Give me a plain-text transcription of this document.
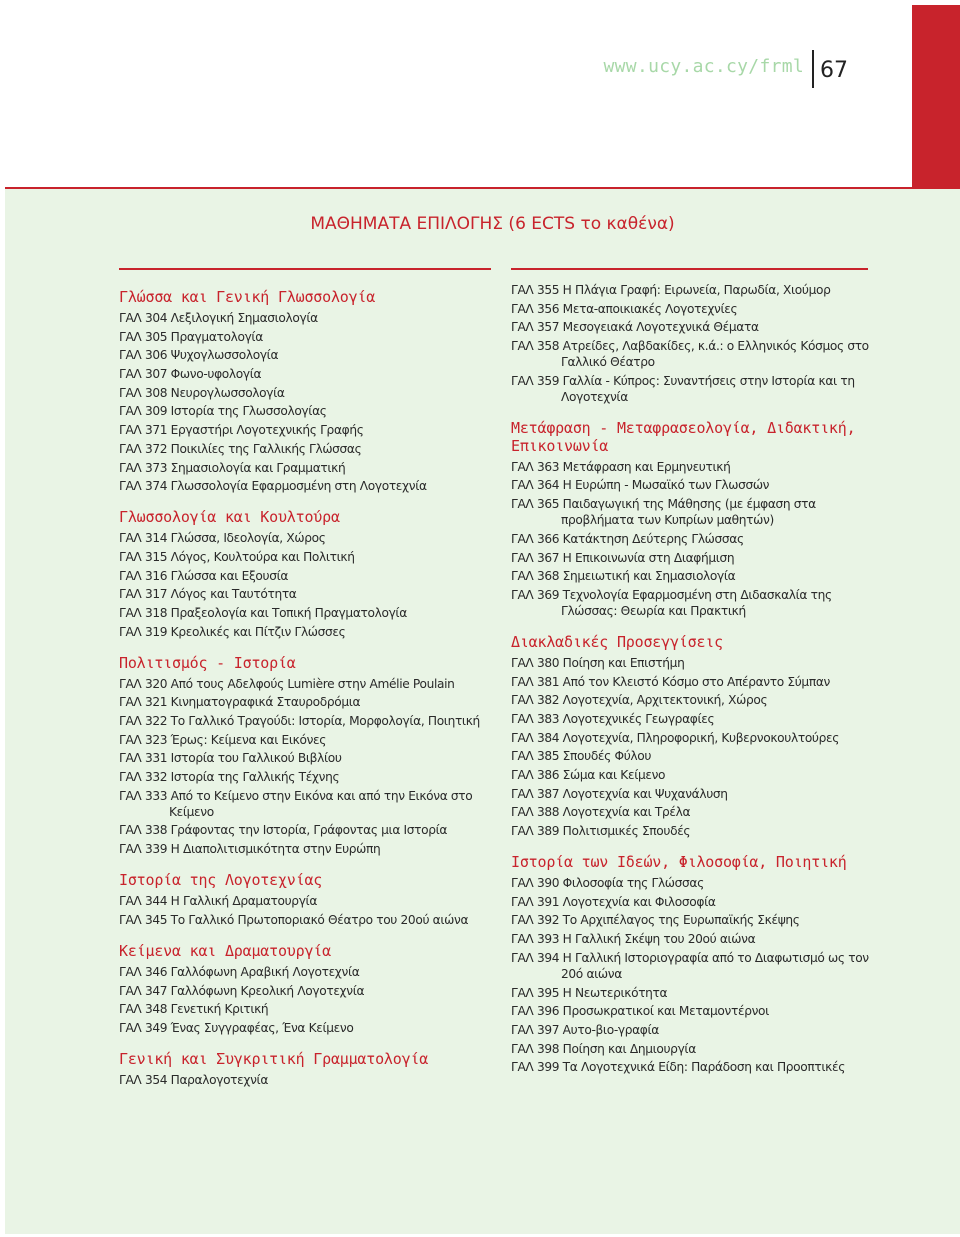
www.ucy.ac.cy/frml 67
ΜΑΘΗΜΑΤΑ ΕΠΙΛΟΓΗΣ (6 ECTS το καθένα)
Γλώσσα και Γενική Γλωσσολογία
ΓΑΛ 304 Λεξιλογική Σημασιολογία
ΓΑΛ 305 Πραγματολογία
ΓΑΛ 306 Ψυχογλωσσολογία
ΓΑΛ 307 Φωνο-υφολογία
ΓΑΛ 308 Νευρογλωσσολογία
ΓΑΛ 309 Ιστορία της Γλωσσολογίας
ΓΑΛ 371 Εργαστήρι Λογοτεχνικής Γραφής
ΓΑΛ 372 Ποικιλίες της Γαλλικής Γλώσσας
ΓΑΛ 373 Σημασιολογία και Γραμματική
ΓΑΛ 374 Γλωσσολογία Εφαρμοσμένη στη Λογοτεχνία
Γλωσσολογία και Κουλτούρα
ΓΑΛ 314 Γλώσσα, Ιδεολογία, Χώρος
ΓΑΛ 315 Λόγος, Κουλτούρα και Πολιτική
ΓΑΛ 316 Γλώσσα και Εξουσία
ΓΑΛ 317 Λόγος και Ταυτότητα
ΓΑΛ 318 Πραξεολογία και Τοπική Πραγματολογία
ΓΑΛ 319 Κρεολικές και Πίτζιν Γλώσσες
Πολιτισμός - Ιστορία
ΓΑΛ 320 Από τους Αδελφούς Lumière στην Amélie Poulain
ΓΑΛ 321 Κινηματογραφικά Σταυροδρόμια
ΓΑΛ 322 Το Γαλλικό Τραγούδι: Ιστορία, Μορφολογία, Ποιητική
ΓΑΛ 323 Έρως: Κείμενα και Εικόνες
ΓΑΛ 331 Ιστορία του Γαλλικού Βιβλίου
ΓΑΛ 332 Ιστορία της Γαλλικής Τέχνης
ΓΑΛ 333 Από το Κείμενο στην Εικόνα και από την Εικόνα στο Κείμενο
ΓΑΛ 338 Γράφοντας την Ιστορία, Γράφοντας μια Ιστορία
ΓΑΛ 339 Η Διαπολιτισμικότητα στην Ευρώπη
Ιστορία της Λογοτεχνίας
ΓΑΛ 344 Η Γαλλική Δραματουργία
ΓΑΛ 345 Το Γαλλικό Πρωτοποριακό Θέατρο του 20ού αιώνα
Κείμενα και Δραματουργία
ΓΑΛ 346 Γαλλόφωνη Αραβική Λογοτεχνία
ΓΑΛ 347 Γαλλόφωνη Κρεολική Λογοτεχνία
ΓΑΛ 348 Γενετική Κριτική
ΓΑΛ 349 Ένας Συγγραφέας, Ένα Κείμενο
Γενική και Συγκριτική Γραμματολογία
ΓΑΛ 354 Παραλογοτεχνία
ΓΑΛ 355 Η Πλάγια Γραφή: Ειρωνεία, Παρωδία, Χιούμορ
ΓΑΛ 356 Μετα-αποικιακές Λογοτεχνίες
ΓΑΛ 357 Μεσογειακά Λογοτεχνικά Θέματα
ΓΑΛ 358 Ατρείδες, Λαβδακίδες, κ.ά.: ο Ελληνικός Κόσμος στο Γαλλικό Θέατρο
ΓΑΛ 359 Γαλλία - Κύπρος: Συναντήσεις στην Ιστορία και τη Λογοτεχνία
Μετάφραση - Μεταφρασεολογία, Διδακτική, Επικοινωνία
ΓΑΛ 363 Μετάφραση και Ερμηνευτική
ΓΑΛ 364 Η Ευρώπη - Μωσαϊκό των Γλωσσών
ΓΑΛ 365 Παιδαγωγική της Μάθησης (με έμφαση στα προβλήματα των Κυπρίων μαθητών)
ΓΑΛ 366 Κατάκτηση Δεύτερης Γλώσσας
ΓΑΛ 367 Η Επικοινωνία στη Διαφήμιση
ΓΑΛ 368 Σημειωτική και Σημασιολογία
ΓΑΛ 369 Τεχνολογία Εφαρμοσμένη στη Διδασκαλία της Γλώσσας: Θεωρία και Πρακτική
Διακλαδικές Προσεγγίσεις
ΓΑΛ 380 Ποίηση και Επιστήμη
ΓΑΛ 381 Από τον Κλειστό Κόσμο στο Απέραντο Σύμπαν
ΓΑΛ 382 Λογοτεχνία, Αρχιτεκτονική, Χώρος
ΓΑΛ 383 Λογοτεχνικές Γεωγραφίες
ΓΑΛ 384 Λογοτεχνία, Πληροφορική, Κυβερνοκουλτούρες
ΓΑΛ 385 Σπουδές Φύλου
ΓΑΛ 386 Σώμα και Κείμενο
ΓΑΛ 387 Λογοτεχνία και Ψυχανάλυση
ΓΑΛ 388 Λογοτεχνία και Τρέλα
ΓΑΛ 389 Πολιτισμικές Σπουδές
Ιστορία των Ιδεών, Φιλοσοφία, Ποιητική
ΓΑΛ 390 Φιλοσοφία της Γλώσσας
ΓΑΛ 391 Λογοτεχνία και Φιλοσοφία
ΓΑΛ 392 Το Αρχιπέλαγος της Ευρωπαϊκής Σκέψης
ΓΑΛ 393 Η Γαλλική Σκέψη του 20ού αιώνα
ΓΑΛ 394 Η Γαλλική Ιστοριογραφία από το Διαφωτισμό ως τον 20ό αιώνα
ΓΑΛ 395 Η Νεωτερικότητα
ΓΑΛ 396 Προσωκρατικοί και Μεταμοντέρνοι
ΓΑΛ 397 Αυτο-βιο-γραφία
ΓΑΛ 398 Ποίηση και Δημιουργία
ΓΑΛ 399 Τα Λογοτεχνικά Είδη: Παράδοση και Προοπτικές
